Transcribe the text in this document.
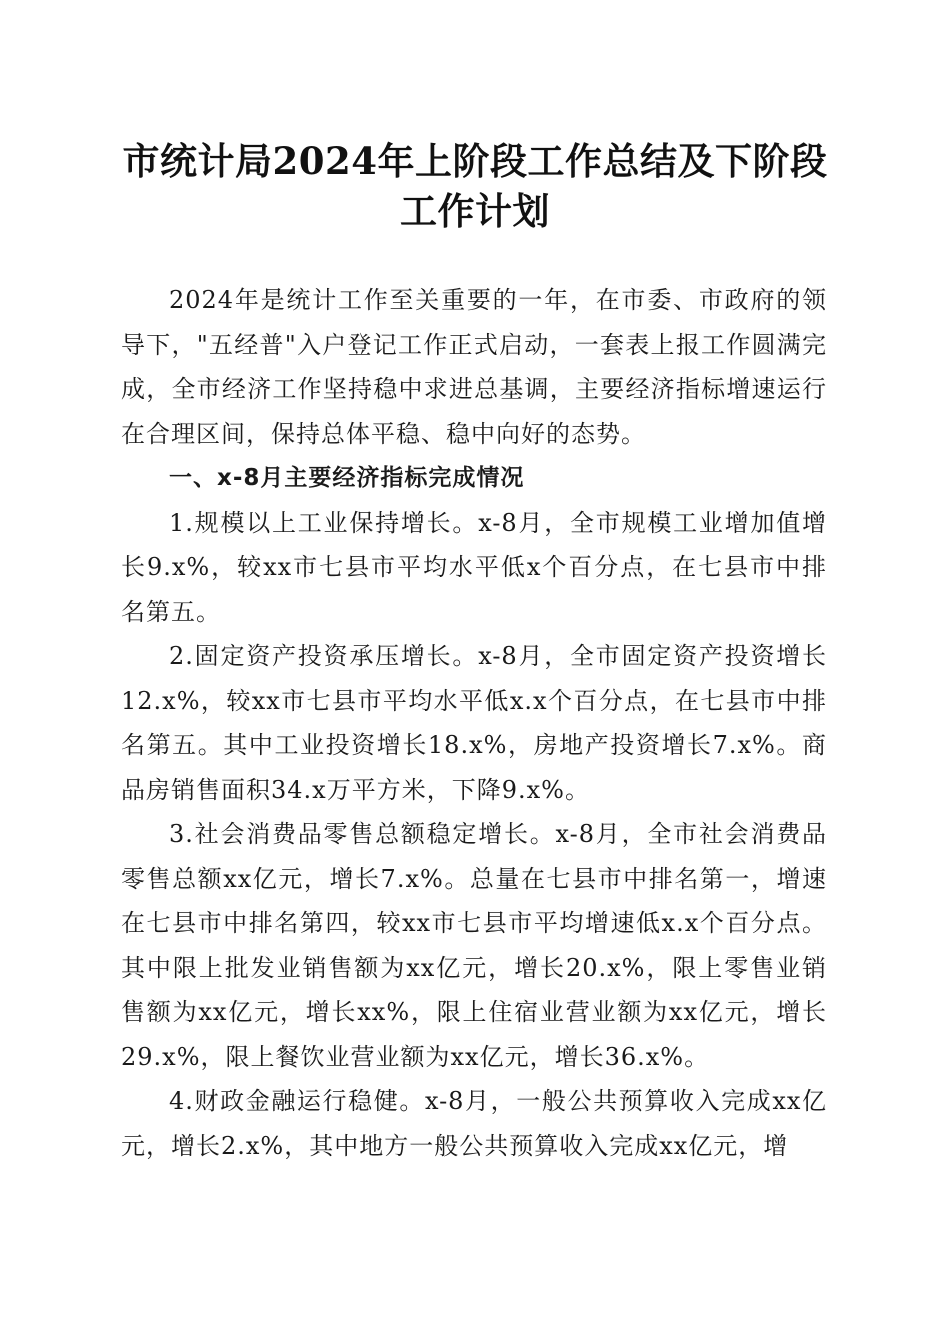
市统计局2024年上阶段工作总结及下阶段工作计划

2024年是统计工作至关重要的一年，在市委、市政府的领导下，"五经普"入户登记工作正式启动，一套表上报工作圆满完成，全市经济工作坚持稳中求进总基调，主要经济指标增速运行在合理区间，保持总体平稳、稳中向好的态势。

一、x-8月主要经济指标完成情况

1.规模以上工业保持增长。x-8月，全市规模工业增加值增长9.x%，较xx市七县市平均水平低x个百分点，在七县市中排名第五。

2.固定资产投资承压增长。x-8月，全市固定资产投资增长12.x%，较xx市七县市平均水平低x.x个百分点，在七县市中排名第五。其中工业投资增长18.x%，房地产投资增长7.x%。商品房销售面积34.x万平方米，下降9.x%。

3.社会消费品零售总额稳定增长。x-8月，全市社会消费品零售总额xx亿元，增长7.x%。总量在七县市中排名第一，增速在七县市中排名第四，较xx市七县市平均增速低x.x个百分点。其中限上批发业销售额为xx亿元，增长20.x%，限上零售业销售额为xx亿元，增长xx%，限上住宿业营业额为xx亿元，增长29.x%，限上餐饮业营业额为xx亿元，增长36.x%。

4.财政金融运行稳健。x-8月，一般公共预算收入完成xx亿元，增长2.x%，其中地方一般公共预算收入完成xx亿元，增
